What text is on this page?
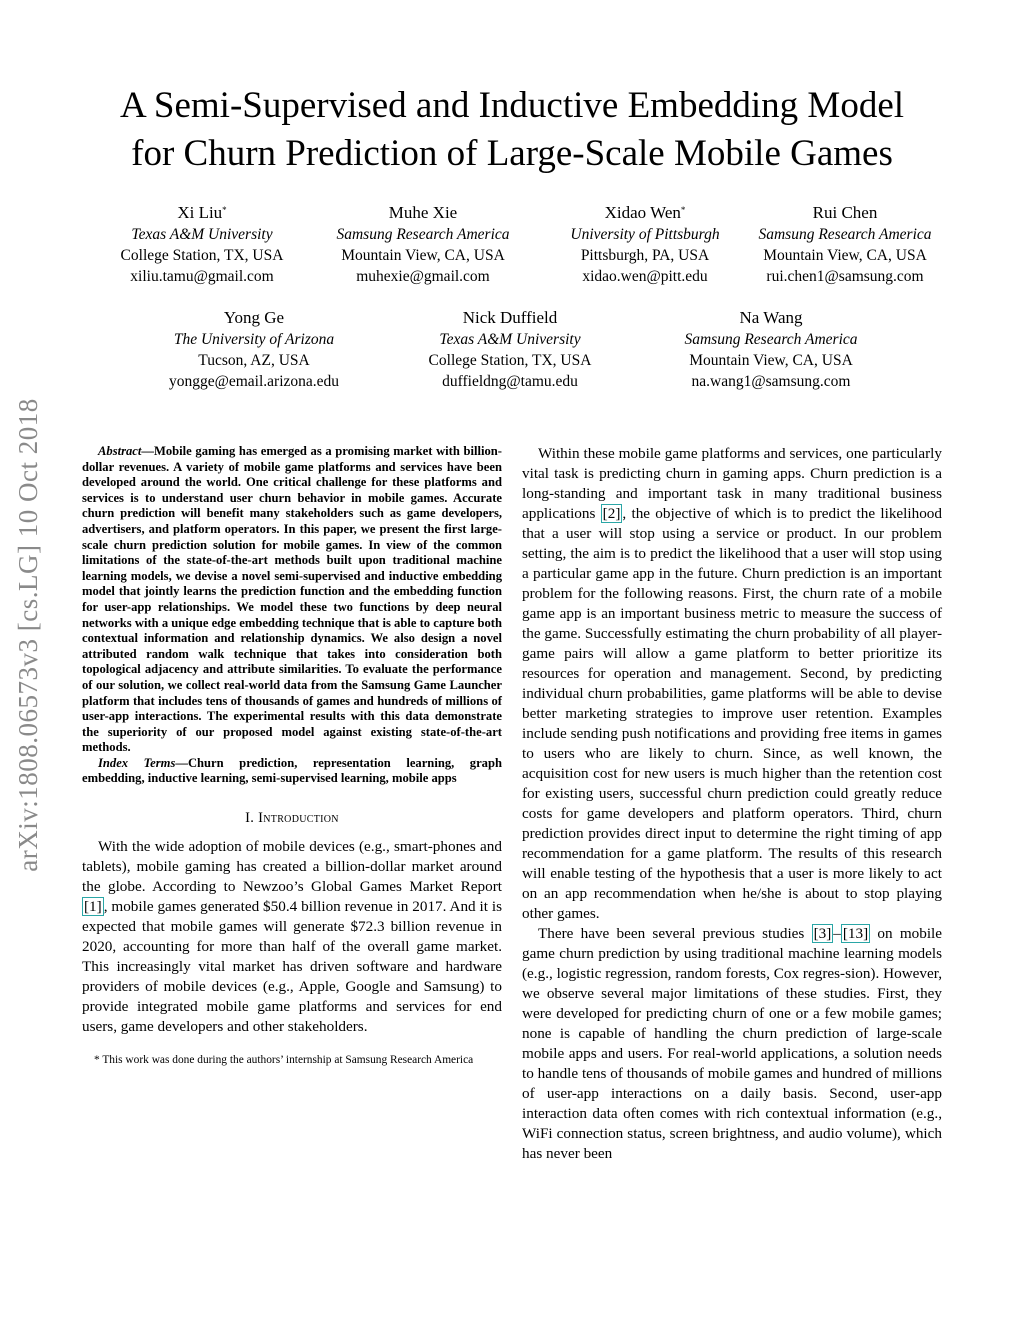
A Semi-Supervised and Inductive Embedding Model
for Churn Prediction of Large-Scale Mobile Games
Xi Liu*
Texas A&M University
College Station, TX, USA
xiliu.tamu@gmail.com
Muhe Xie
Samsung Research America
Mountain View, CA, USA
muhexie@gmail.com
Xidao Wen*
University of Pittsburgh
Pittsburgh, PA, USA
xidao.wen@pitt.edu
Rui Chen
Samsung Research America
Mountain View, CA, USA
rui.chen1@samsung.com
Yong Ge
The University of Arizona
Tucson, AZ, USA
yongge@email.arizona.edu
Nick Duffield
Texas A&M University
College Station, TX, USA
duffieldng@tamu.edu
Na Wang
Samsung Research America
Mountain View, CA, USA
na.wang1@samsung.com
arXiv:1808.06573v3 [cs.LG] 10 Oct 2018	Abstract—Mobile gaming has emerged as a promising market with billion-dollar revenues. A variety of mobile game platforms and services have been developed around the world. One critical challenge for these platforms and services is to understand user churn behavior in mobile games. Accurate churn prediction will benefit many stakeholders such as game developers, advertisers, and platform operators. In this paper, we present the first large-scale churn prediction solution for mobile games. In view of the common limitations of the state-of-the-art methods built upon traditional machine learning models, we devise a novel semi-supervised and inductive embedding model that jointly learns the prediction function and the embedding function for user-app relationships. We model these two functions by deep neural networks with a unique edge embedding technique that is able to capture both contextual information and relationship dynamics. We also design a novel attributed random walk technique that takes into consideration both topological adjacency and attribute similarities. To evaluate the performance of our solution, we collect real-world data from the Samsung Game Launcher platform that includes tens of thousands of games and hundreds of millions of user-app interactions. The experimental results with this data demonstrate the superiority of our proposed model against existing state-of-the-art methods.

Index Terms—Churn prediction, representation learning, graph embedding, inductive learning, semi-supervised learning, mobile apps

I. Introduction

With the wide adoption of mobile devices (e.g., smart-phones and tablets), mobile gaming has created a billion-dollar market around the globe. According to Newzoo’s Global Games Market Report [1] , mobile games generated $50.4 billion revenue in 2017. And it is expected that mobile games will generate $72.3 billion revenue in 2020, accounting for more than half of the overall game market. This increasingly vital market has driven software and hardware providers of mobile devices (e.g., Apple, Google and Samsung) to provide integrated mobile game platforms and services for end users, game developers and other stakeholders.

* This work was done during the authors’ internship at Samsung Research America

Within these mobile game platforms and services, one particularly vital task is predicting churn in gaming apps. Churn prediction is a long-standing and important task in many traditional business applications [2] , the objective of which is to predict the likelihood that a user will stop using a service or product. In our problem setting, the aim is to predict the likelihood that a user will stop using a particular game app in the future. Churn prediction is an important problem for the following reasons. First, the churn rate of a mobile game app is an important business metric to measure the success of the game. Successfully estimating the churn probability of all player-game pairs will allow a game platform to better prioritize its resources for operation and management. Second, by predicting individual churn probabilities, game platforms will be able to devise better marketing strategies to improve user retention. Examples include sending push notifications and providing free items in games to users who are likely to churn. Since, as well known, the acquisition cost for new users is much higher than the retention cost for existing users, successful churn prediction could greatly reduce costs for game developers and platform operators. Third, churn prediction provides direct input to determine the right timing of app recommendation for a game platform. The results of this research will enable testing of the hypothesis that a user is more likely to act on an app recommendation when he/she is about to stop playing other games.

There have been several previous studies [3] – [13] on mobile game churn prediction by using traditional machine learning models (e.g., logistic regression, random forests, Cox regres-sion). However, we observe several major limitations of these studies. First, they were developed for predicting churn of one or a few mobile games; none is capable of handling the churn prediction of large-scale mobile apps and users. For real-world applications, a solution needs to handle tens of thousands of mobile games and hundred of millions of user-app interactions on a daily basis. Second, user-app interaction data often comes with rich contextual information (e.g., WiFi connection status, screen brightness, and audio volume), which has never been
